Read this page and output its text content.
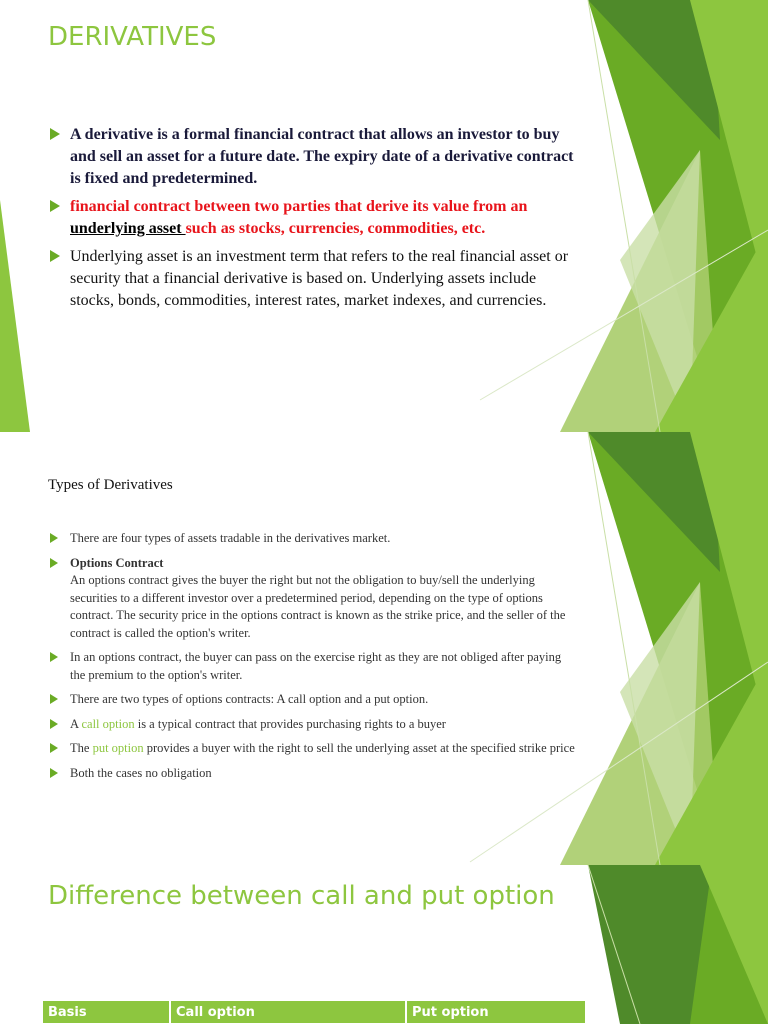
DERIVATIVES
A derivative is a formal financial contract that allows an investor to buy and sell an asset for a future date. The expiry date of a derivative contract is fixed and predetermined.
financial contract between two parties that derive its value from an underlying asset such as stocks, currencies, commodities, etc.
Underlying asset is an investment term that refers to the real financial asset or security that a financial derivative is based on. Underlying assets include stocks, bonds, commodities, interest rates, market indexes, and currencies.
Types of Derivatives
There are four types of assets tradable in the derivatives market.
Options Contract
An options contract gives the buyer the right but not the obligation to buy/sell the underlying securities to a different investor over a predetermined period, depending on the type of options contract. The security price in the options contract is known as the strike price, and the seller of the contract is called the option's writer.
In an options contract, the buyer can pass on the exercise right as they are not obliged after paying the premium to the option's writer.
There are two types of options contracts: A call option and a put option.
A call option is a typical contract that provides purchasing rights to a buyer
The put option provides a buyer with the right to sell the underlying asset at the specified strike price
Both the cases no obligation
Difference between call and put option
Basis	Call option	Put option
